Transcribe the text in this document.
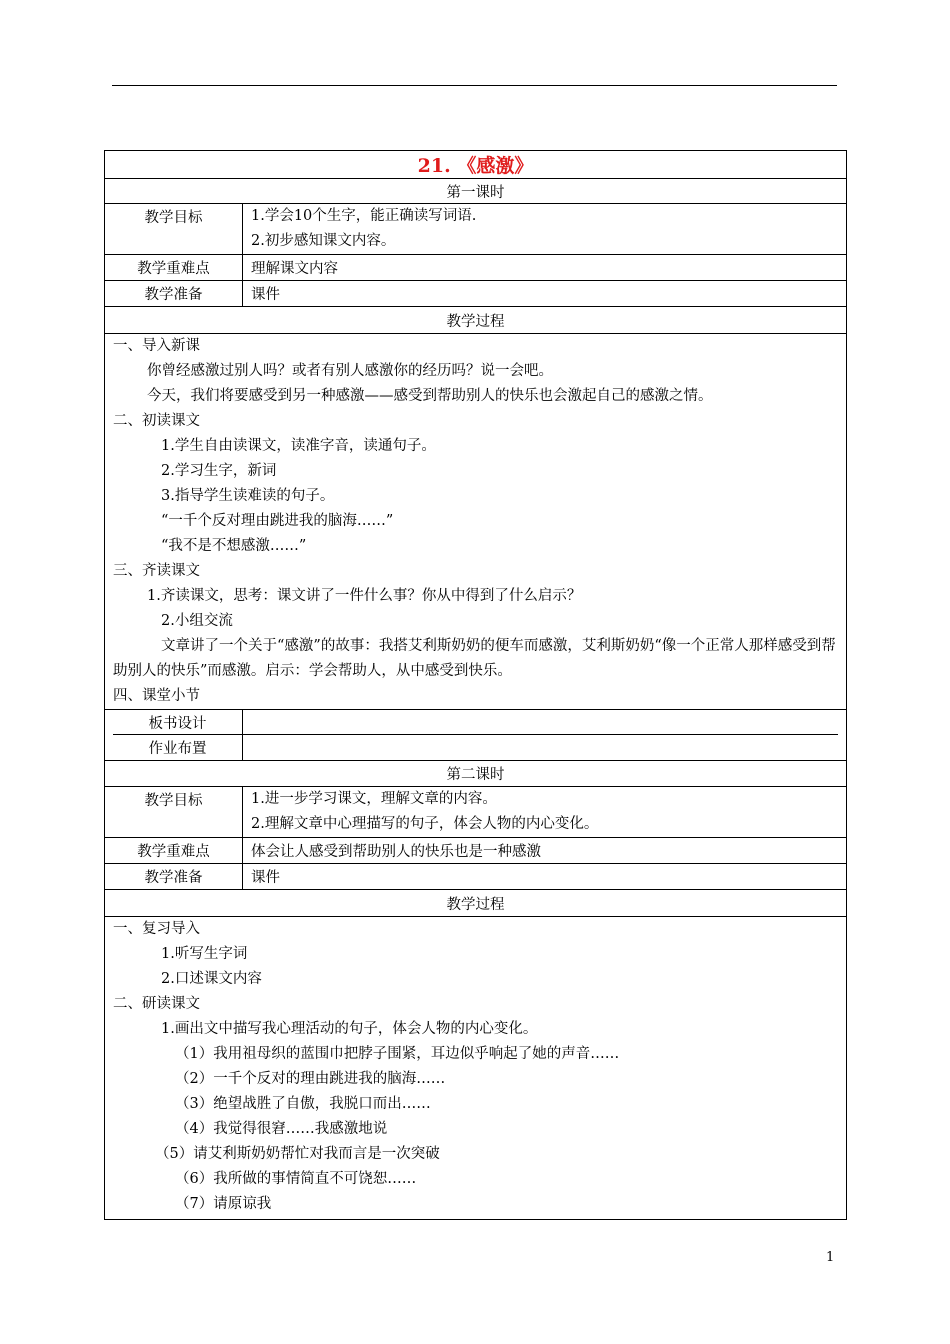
21. 《感激》
第一课时
教学目标	1.学会10个生字，能正确读写词语.
2.初步感知课文内容。

教学重难点	理解课文内容
教学准备	课件
教学过程

一、导入新课
你曾经感激过别人吗？或者有别人感激你的经历吗？说一会吧。
今天，我们将要感受到另一种感激——感受到帮助别人的快乐也会激起自己的感激之情。
二、初读课文
1.学生自由读课文，读准字音，读通句子。
2.学习生字，新词
3.指导学生读难读的句子。
“一千个反对理由跳进我的脑海……”
“我不是不想感激……”
三、齐读课文
1.齐读课文，思考：课文讲了一件什么事？你从中得到了什么启示？
2.小组交流
文章讲了一个关于“感激”的故事：我搭艾利斯奶奶的便车而感激，艾利斯奶奶“像一个正常人那样感受到帮助别人的快乐”而感激。启示：学会帮助人，从中感受到快乐。
四、课堂小节

板书设计	
作业布置	

第二课时
教学目标	1.进一步学习课文，理解文章的内容。
2.理解文章中心理描写的句子，体会人物的内心变化。

教学重难点	体会让人感受到帮助别人的快乐也是一种感激
教学准备	课件
教学过程

一、复习导入
1.听写生字词
2.口述课文内容
二、研读课文
1.画出文中描写我心理活动的句子，体会人物的内心变化。
（1）我用祖母织的蓝围巾把脖子围紧，耳边似乎响起了她的声音……
（2）一千个反对的理由跳进我的脑海……
（3）绝望战胜了自傲，我脱口而出……
（4）我觉得很窘……我感激地说
（5）请艾利斯奶奶帮忙对我而言是一次突破
（6）我所做的事情简直不可饶恕……
（7）请原谅我
1
